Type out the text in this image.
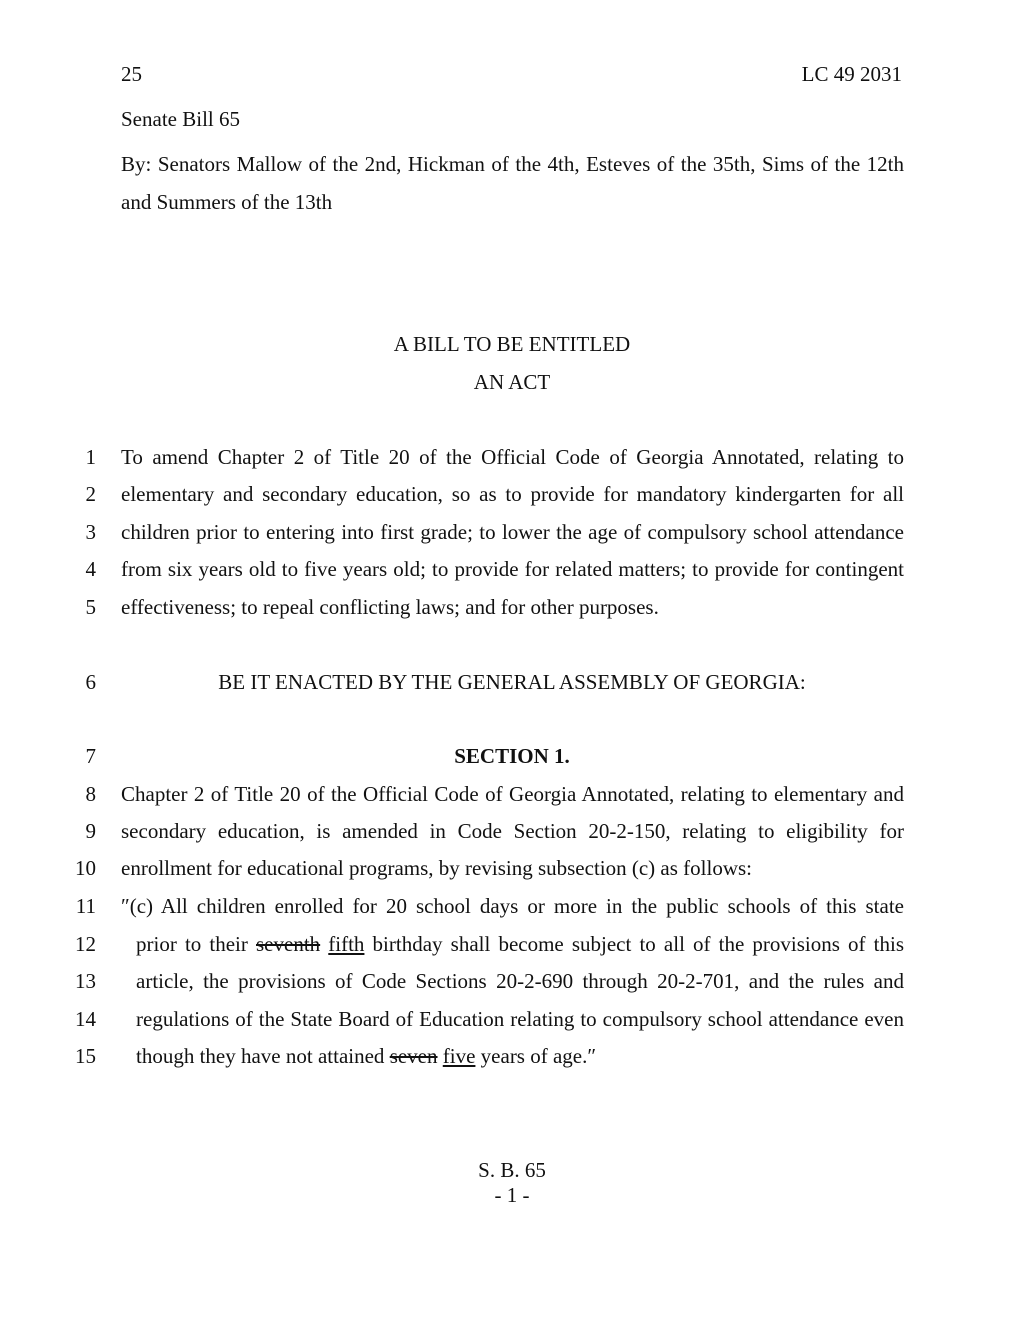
25	LC 49 2031
Senate Bill 65
By: Senators Mallow of the 2nd, Hickman of the 4th, Esteves of the 35th, Sims of the 12th and Summers of the 13th
A BILL TO BE ENTITLED
AN ACT
1 To amend Chapter 2 of Title 20 of the Official Code of Georgia Annotated, relating to
2 elementary and secondary education, so as to provide for mandatory kindergarten for all
3 children prior to entering into first grade; to lower the age of compulsory school attendance
4 from six years old to five years old; to provide for related matters; to provide for contingent
5 effectiveness; to repeal conflicting laws; and for other purposes.
6	BE IT ENACTED BY THE GENERAL ASSEMBLY OF GEORGIA:
7	SECTION 1.
8 Chapter 2 of Title 20 of the Official Code of Georgia Annotated, relating to elementary and
9 secondary education, is amended in Code Section 20-2-150, relating to eligibility for
10 enrollment for educational programs, by revising subsection (c) as follows:
11 ″(c) All children enrolled for 20 school days or more in the public schools of this state
12 prior to their seventh fifth birthday shall become subject to all of the provisions of this
13 article, the provisions of Code Sections 20-2-690 through 20-2-701, and the rules and
14 regulations of the State Board of Education relating to compulsory school attendance even
15 though they have not attained seven five years of age.″
S. B. 65
- 1 -
